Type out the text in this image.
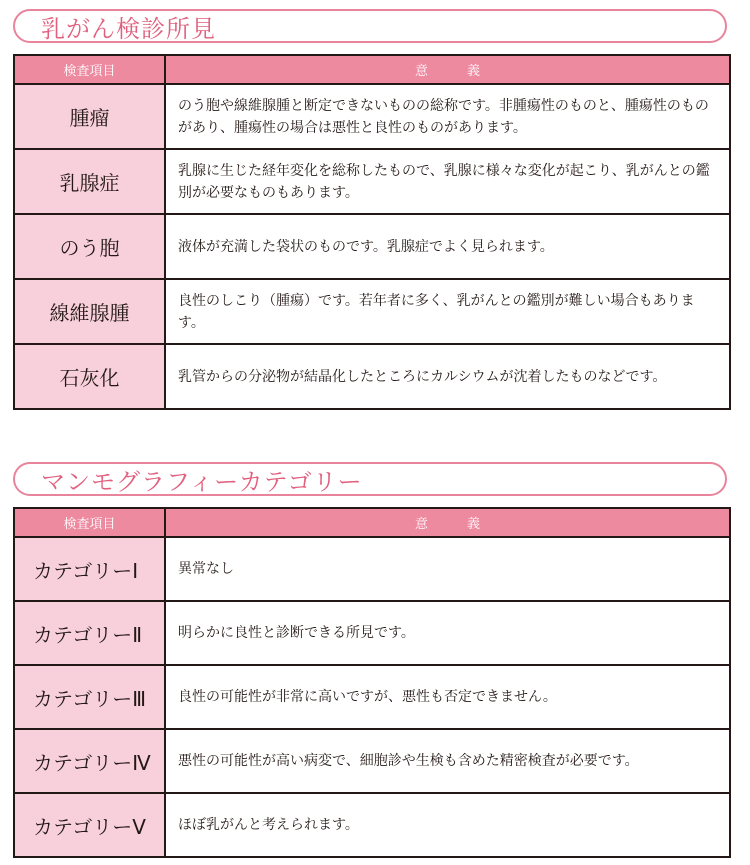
乳がん検診所見
検査項目	意　　　義
腫瘤	のう胞や線維腺腫と断定できないものの総称です。非腫瘍性のものと、腫瘍性のものがあり、腫瘍性の場合は悪性と良性のものがあります。
乳腺症	乳腺に生じた経年変化を総称したもので、乳腺に様々な変化が起こり、乳がんとの鑑別が必要なものもあります。
のう胞	液体が充満した袋状のものです。乳腺症でよく見られます。
線維腺腫	良性のしこり（腫瘍）です。若年者に多く、乳がんとの鑑別が難しい場合もあります。
石灰化	乳管からの分泌物が結晶化したところにカルシウムが沈着したものなどです。
マンモグラフィーカテゴリー
検査項目	意　　　義
カテゴリーⅠ	異常なし
カテゴリーⅡ	明らかに良性と診断できる所見です。
カテゴリーⅢ	良性の可能性が非常に高いですが、悪性も否定できません。
カテゴリーⅣ	悪性の可能性が高い病変で、細胞診や生検も含めた精密検査が必要です。
カテゴリーⅤ	ほぼ乳がんと考えられます。
